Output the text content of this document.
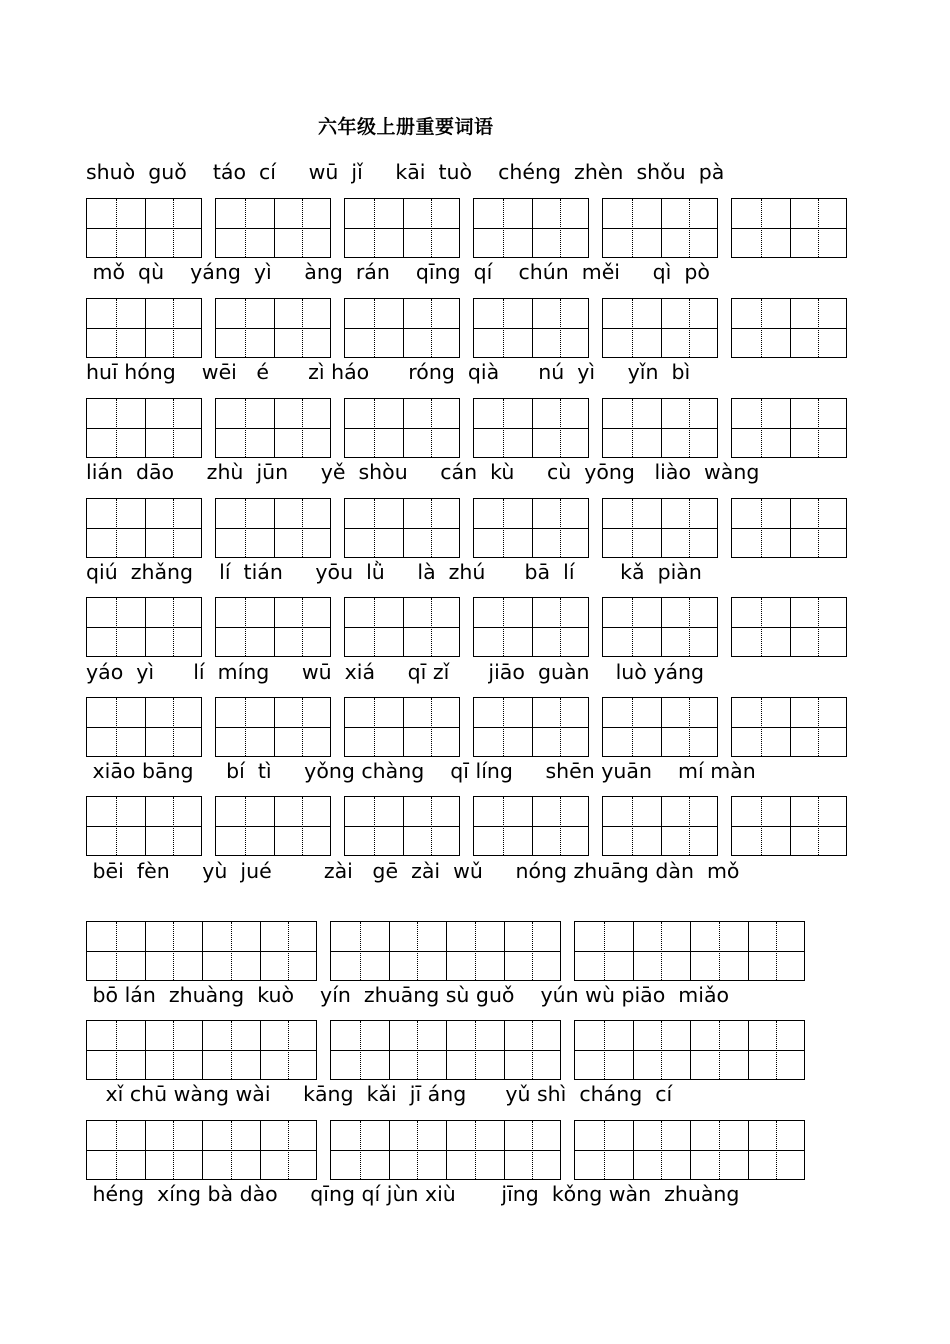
六年级上册重要词语
shuò  guǒ    táo  cí     wū  jǐ     kāi  tuò    chéng  zhèn  shǒu  pà
mǒ  qù    yáng  yì     àng  rán    qīng  qí    chún  měi     qì  pò
huī hóng    wēi   é      zì háo      róng  qià      nú  yì     yǐn  bì
lián  dāo     zhù  jūn     yě  shòu     cán  kù     cù  yōng   liào  wàng
qiú  zhǎng    lí  tián     yōu  lǜ     là  zhú      bā  lí       kǎ  piàn
yáo  yì      lí  míng     wū  xiá     qī zǐ      jiāo  guàn    luò yáng
xiāo bāng     bí  tì     yǒng chàng    qī líng     shēn yuān    mí màn
bēi  fèn     yù  jué        zài   gē  zài  wǔ     nóng zhuāng dàn  mǒ
bō lán  zhuàng  kuò    yín  zhuāng sù guǒ    yún wù piāo  miǎo
xǐ chū wàng wài     kāng  kǎi  jī áng      yǔ shì  cháng  cí
héng  xíng bà dào     qīng qí jùn xiù       jīng  kǒng wàn  zhuàng
